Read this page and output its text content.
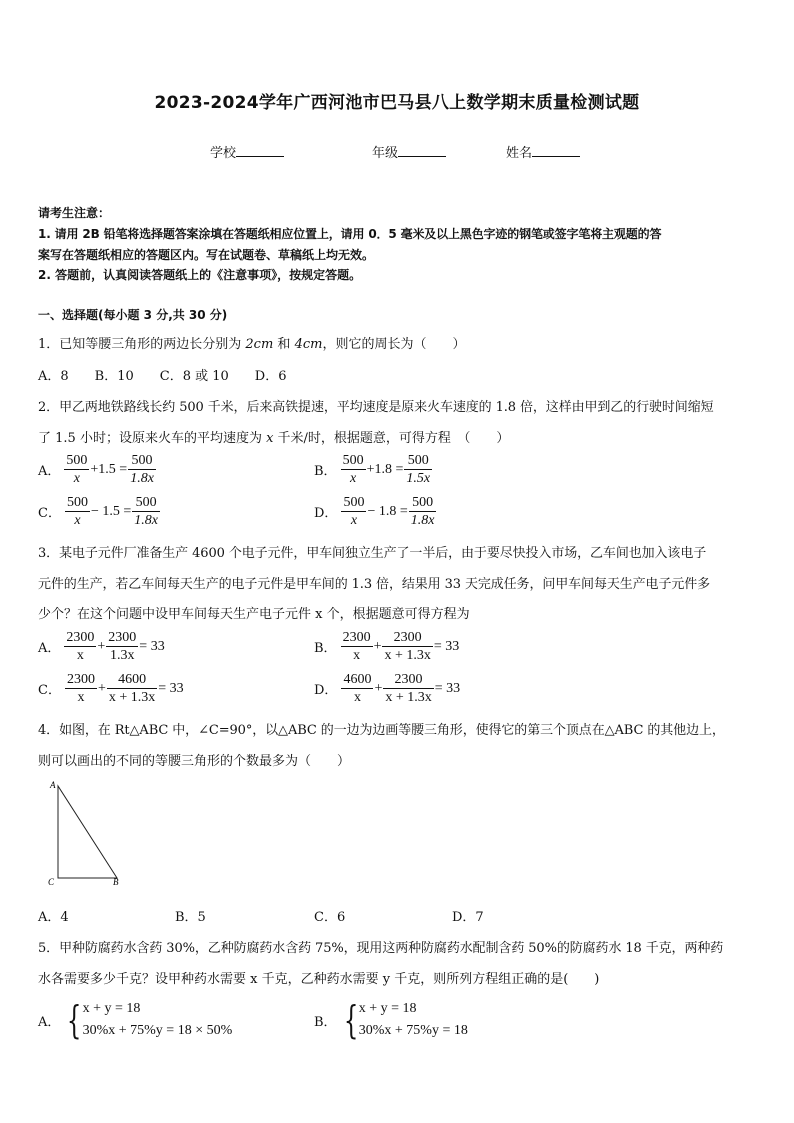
2023-2024学年广西河池市巴马县八上数学期末质量检测试题
学校	年级	姓名
请考生注意：
1. 请用 2B 铅笔将选择题答案涂填在答题纸相应位置上，请用 0．5 毫米及以上黑色字迹的钢笔或签字笔将主观题的答
案写在答题纸相应的答题区内。写在试题卷、草稿纸上均无效。
2. 答题前，认真阅读答题纸上的《注意事项》，按规定答题。
一、选择题(每小题 3 分,共 30 分)
1．已知等腰三角形的两边长分别为 2cm 和 4cm，则它的周长为（　　）
A．8　　B．10　　C．8 或 10　　D．6
2．甲乙两地铁路线长约 500 千米，后来高铁提速，平均速度是原来火车速度的 1.8 倍，这样由甲到乙的行驶时间缩短
了 1.5 小时；设原来火车的平均速度为 x 千米/时，根据题意，可得方程　（　　）
A． $\frac{500}{x} +1.5 = \frac{500}{1.8x}$	B． $\frac{500}{x} +1.8 = \frac{500}{1.5x}$
C． $\frac{500}{x} - 1.5 = \frac{500}{1.8x}$	D． $\frac{500}{x} - 1.8 = \frac{500}{1.8x}$
3．某电子元件厂准备生产 4600 个电子元件，甲车间独立生产了一半后，由于要尽快投入市场，乙车间也加入该电子
元件的生产，若乙车间每天生产的电子元件是甲车间的 1.3 倍，结果用 33 天完成任务，问甲车间每天生产电子元件多
少个？在这个问题中设甲车间每天生产电子元件 x 个，根据题意可得方程为
A． $\frac{2300}{x} + \frac{2300}{1.3x} = 33$	B． $\frac{2300}{x} + \frac{2300}{x + 1.3x} = 33$
C． $\frac{2300}{x} + \frac{4600}{x + 1.3x} = 33$	D． $\frac{4600}{x} + \frac{2300}{x + 1.3x} = 33$
4．如图，在 Rt△ABC 中，∠C=90°，以△ABC 的一边为边画等腰三角形，使得它的第三个顶点在△ABC 的其他边上，
则可以画出的不同的等腰三角形的个数最多为（　　）
A
C	B
A．4	B．5	C．6	D．7
5．甲种防腐药水含药 30%，乙种防腐药水含药 75%，现用这两种防腐药水配制含药 50%的防腐药水 18 千克，两种药
水各需要多少千克？设甲种药水需要 x 千克，乙种药水需要 y 千克，则所列方程组正确的是(　　)
A． { x + y = 18
30%x + 75%y = 18 × 50%
B． { x + y = 18
30%x + 75%y = 18
